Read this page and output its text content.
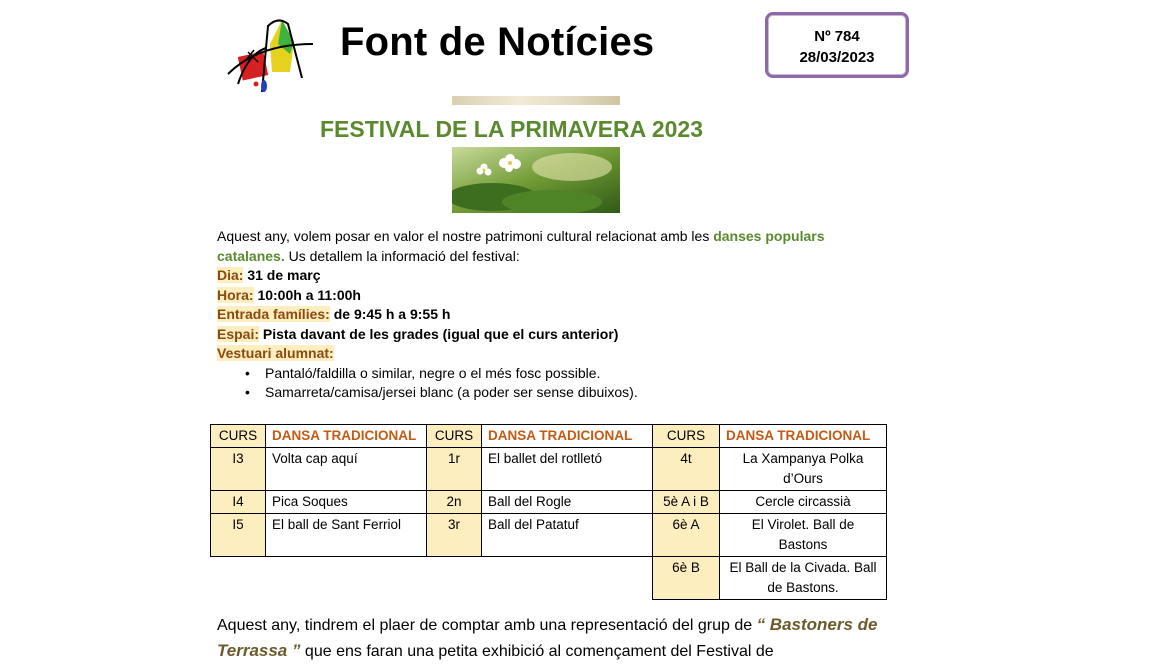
Font de Notícies	Nº 784
28/03/2023
FESTIVAL DE LA PRIMAVERA 2023

Aquest any, volem posar en valor el nostre patrimoni cultural relacionat amb les danses populars catalanes. Us detallem la informació del festival:

Dia: 31 de març

Hora: 10:00h a 11:00h

Entrada famílies: de 9:45 h a 9:55 h

Espai: Pista davant de les grades (igual que el curs anterior)

Vestuari alumnat:

• Pantaló/faldilla o similar, negre o el més fosc possible.
• Samarreta/camisa/jersei blanc (a poder ser sense dibuixos).
CURS	DANSA TRADICIONAL	CURS	DANSA TRADICIONAL	CURS	DANSA TRADICIONAL
I3	Volta cap aquí	1r	El ballet del rotlletó	4t	La Xampanya Polka d’Ours
I4	Pica Soques	2n	Ball del Rogle	5è A i B	Cercle circassià
I5	El ball de Sant Ferriol	3r	Ball del Patatuf	6è A	El Virolet. Ball de Bastons
				6è B	El Ball de la Civada. Ball de Bastons.
Aquest any, tindrem el plaer de comptar amb una representació del grup de “ Bastoners de Terrassa ” que ens faran una petita exhibició al començament del Festival de
